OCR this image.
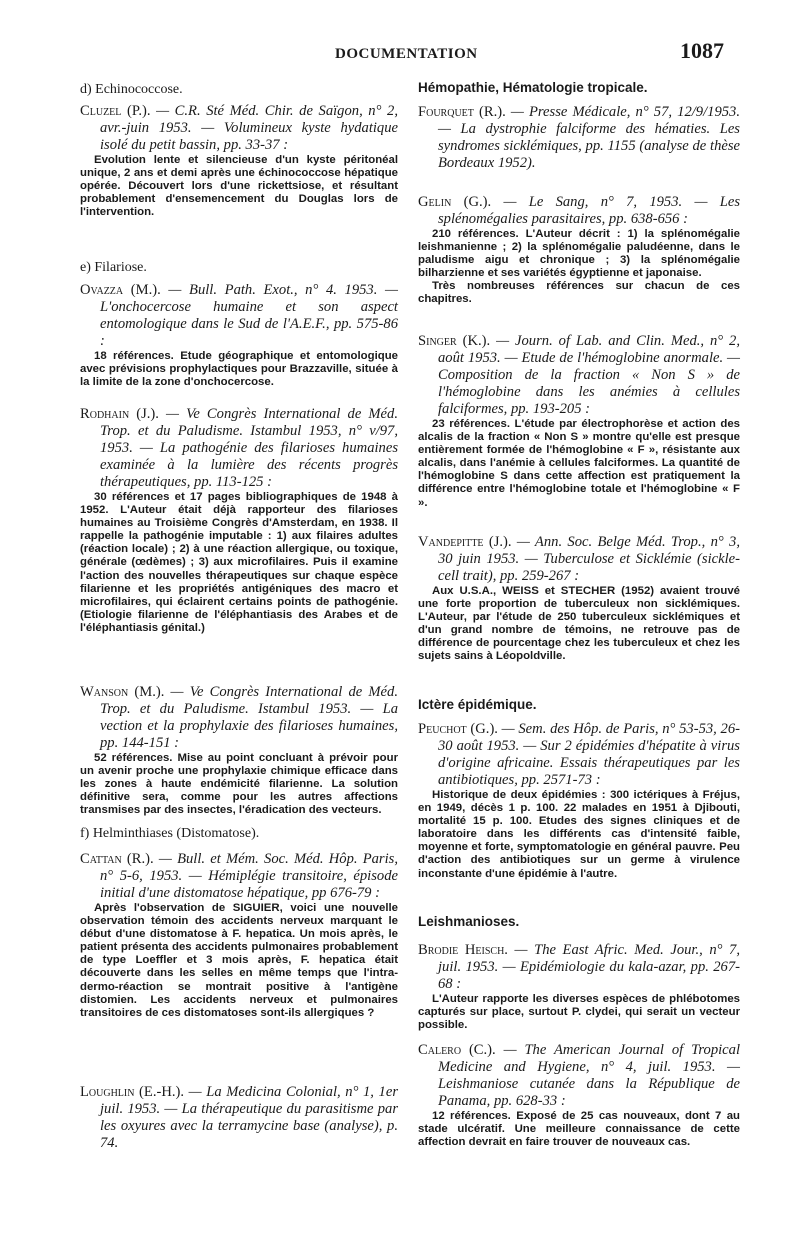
DOCUMENTATION	1087

d) Echinococcose.

Cluzel (P.). — C.R. Sté Méd. Chir. de Saïgon, n° 2, avr.-juin 1953. — Volumineux kyste hydatique isolé du petit bassin, pp. 33-37 :

Evolution lente et silencieuse d'un kyste péritonéal unique, 2 ans et demi après une échinococcose hépatique opérée. Découvert lors d'une rickettsiose, et résultant probablement d'ensemencement du Douglas lors de l'intervention.

e) Filariose.

Ovazza (M.). — Bull. Path. Exot., n° 4. 1953. — L'onchocercose humaine et son aspect entomologique dans le Sud de l'A.E.F., pp. 575-86 :

18 références. Etude géographique et entomologique avec prévisions prophylactiques pour Brazzaville, située à la limite de la zone d'onchocercose.

Rodhain (J.). — Ve Congrès International de Méd. Trop. et du Paludisme. Istambul 1953, n° v/97, 1953. — La pathogénie des filarioses humaines examinée à la lumière des récents progrès thérapeutiques, pp. 113-125 :

30 références et 17 pages bibliographiques de 1948 à 1952. L'Auteur était déjà rapporteur des filarioses humaines au Troisième Congrès d'Amsterdam, en 1938. Il rappelle la pathogénie imputable : 1) aux filaires adultes (réaction locale) ; 2) à une réaction allergique, ou toxique, générale (œdèmes) ; 3) aux microfilaires. Puis il examine l'action des nouvelles thérapeutiques sur chaque espèce filarienne et les propriétés antigéniques des macro et microfilaires, qui éclairent certains points de pathogénie. (Etiologie filarienne de l'éléphantiasis des Arabes et de l'éléphantiasis génital.)

Wanson (M.). — Ve Congrès International de Méd. Trop. et du Paludisme. Istambul 1953. — La vection et la prophylaxie des filarioses humaines, pp. 144-151 :

52 références. Mise au point concluant à prévoir pour un avenir proche une prophylaxie chimique efficace dans les zones à haute endémicité filarienne. La solution définitive sera, comme pour les autres affections transmises par des insectes, l'éradication des vecteurs.

f) Helminthiases (Distomatose).

Cattan (R.). — Bull. et Mém. Soc. Méd. Hôp. Paris, n° 5-6, 1953. — Hémiplégie transitoire, épisode initial d'une distomatose hépatique, pp 676-79 :

Après l'observation de SIGUIER, voici une nouvelle observation témoin des accidents nerveux marquant le début d'une distomatose à F. hepatica. Un mois après, le patient présenta des accidents pulmonaires probablement de type Loeffler et 3 mois après, F. hepatica était découverte dans les selles en même temps que l'intra-dermo-réaction se montrait positive à l'antigène distomien. Les accidents nerveux et pulmonaires transitoires de ces distomatoses sont-ils allergiques ?

Loughlin (E.-H.). — La Medicina Colonial, n° 1, 1er juil. 1953. — La thérapeutique du parasitisme par les oxyures avec la terramycine base (analyse), p. 74.

Hémopathie, Hématologie tropicale.

Fourquet (R.). — Presse Médicale, n° 57, 12/9/1953. — La dystrophie falciforme des hématies. Les syndromes sicklémiques, pp. 1155 (analyse de thèse Bordeaux 1952).

Gelin (G.). — Le Sang, n° 7, 1953. — Les splénomégalies parasitaires, pp. 638-656 :

210 références. L'Auteur décrit : 1) la splénomégalie leishmanienne ; 2) la splénomégalie paludéenne, dans le paludisme aigu et chronique ; 3) la splénomégalie bilharzienne et ses variétés égyptienne et japonaise.

Très nombreuses références sur chacun de ces chapitres.

Singer (K.). — Journ. of Lab. and Clin. Med., n° 2, août 1953. — Etude de l'hémoglobine anormale. — Composition de la fraction « Non S » de l'hémoglobine dans les anémies à cellules falciformes, pp. 193-205 :

23 références. L'étude par électrophorèse et action des alcalis de la fraction « Non S » montre qu'elle est presque entièrement formée de l'hémoglobine « F », résistante aux alcalis, dans l'anémie à cellules falciformes. La quantité de l'hémoglobine S dans cette affection est pratiquement la différence entre l'hémoglobine totale et l'hémoglobine « F ».

Vandepitte (J.). — Ann. Soc. Belge Méd. Trop., n° 3, 30 juin 1953. — Tuberculose et Sicklémie (sickle-cell trait), pp. 259-267 :

Aux U.S.A., WEISS et STECHER (1952) avaient trouvé une forte proportion de tuberculeux non sicklémiques. L'Auteur, par l'étude de 250 tuberculeux sicklémiques et d'un grand nombre de témoins, ne retrouve pas de différence de pourcentage chez les tuberculeux et chez les sujets sains à Léopoldville.

Ictère épidémique.

Peuchot (G.). — Sem. des Hôp. de Paris, n° 53-53, 26-30 août 1953. — Sur 2 épidémies d'hépatite à virus d'origine africaine. Essais thérapeutiques par les antibiotiques, pp. 2571-73 :

Historique de deux épidémies : 300 ictériques à Fréjus, en 1949, décès 1 p. 100. 22 malades en 1951 à Djibouti, mortalité 15 p. 100. Etudes des signes cliniques et de laboratoire dans les différents cas d'intensité faible, moyenne et forte, symptomatologie en général pauvre. Peu d'action des antibiotiques sur un germe à virulence inconstante d'une épidémie à l'autre.

Leishmanioses.

Brodie Heisch. — The East Afric. Med. Jour., n° 7, juil. 1953. — Epidémiologie du kala-azar, pp. 267-68 :

L'Auteur rapporte les diverses espèces de phlébotomes capturés sur place, surtout P. clydei, qui serait un vecteur possible.

Calero (C.). — The American Journal of Tropical Medicine and Hygiene, n° 4, juil. 1953. — Leishmaniose cutanée dans la République de Panama, pp. 628-33 :

12 références. Exposé de 25 cas nouveaux, dont 7 au stade ulcératif. Une meilleure connaissance de cette affection devrait en faire trouver de nouveaux cas.
